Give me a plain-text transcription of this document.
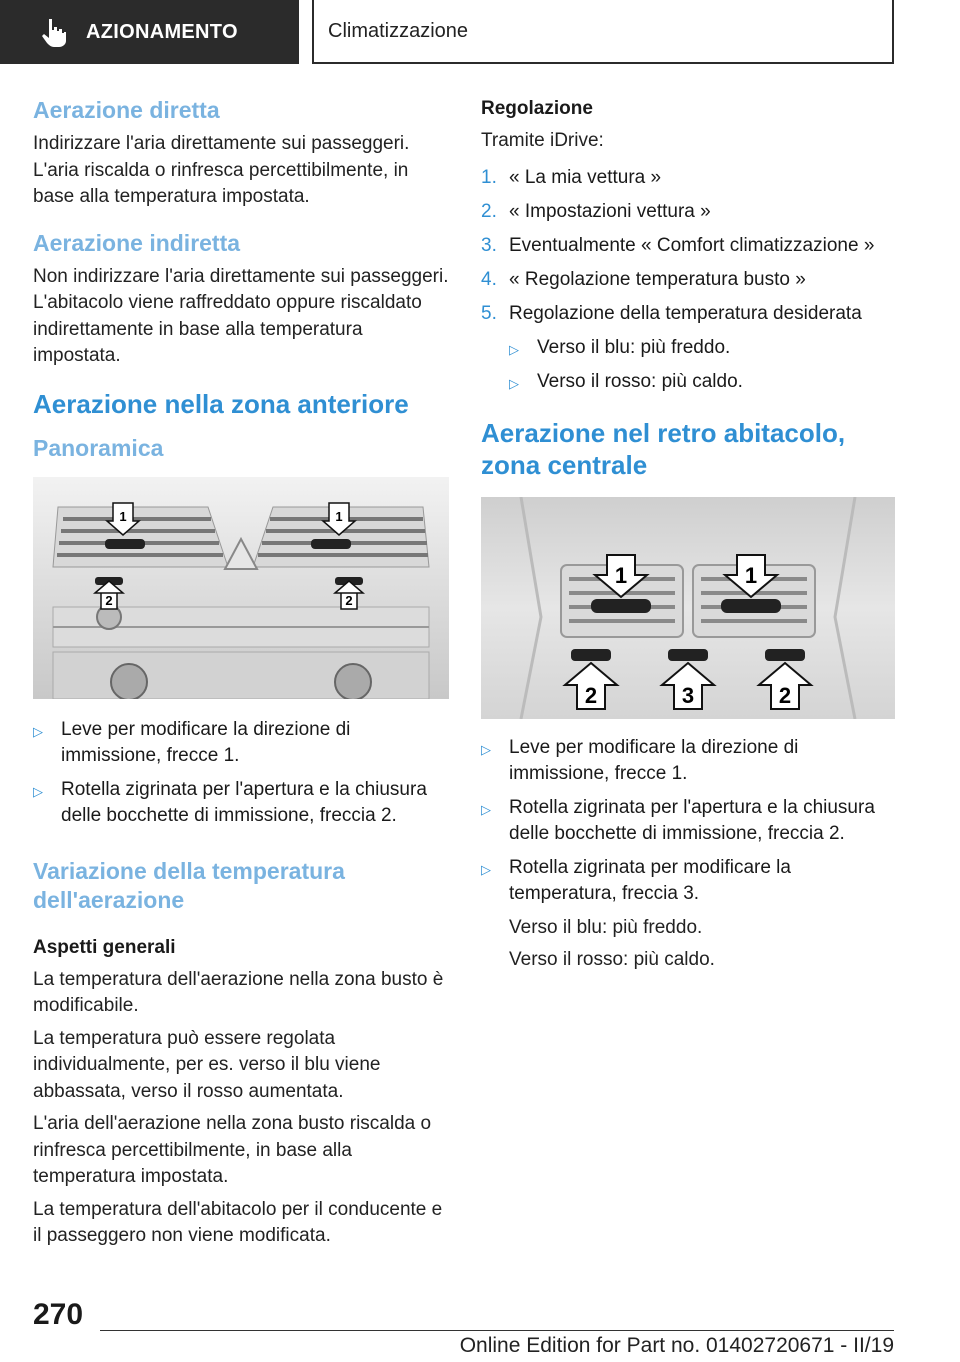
AZIONAMENTO	Climatizzazione
Aerazione diretta

Indirizzare l'aria direttamente sui passeggeri. L'aria riscalda o rinfresca percettibilmente, in base alla temperatura impostata.

Aerazione indiretta

Non indirizzare l'aria direttamente sui passeggeri. L'abitacolo viene raffreddato oppure riscaldato indirettamente in base alla temperatura impostata.

Aerazione nella zona anteriore
Panoramica
1	1
2	2
▷ Leve per modificare la direzione di immissione, frecce 1.
▷ Rotella zigrinata per l'apertura e la chiusura delle bocchette di immissione, freccia 2.
Variazione della temperatura dell'aerazione
Aspetti generali

La temperatura dell'aerazione nella zona busto è modificabile.

La temperatura può essere regolata individualmente, per es. verso il blu viene abbassata, verso il rosso aumentata.

L'aria dell'aerazione nella zona busto riscalda o rinfresca percettibilmente, in base alla temperatura impostata.

La temperatura dell'abitacolo per il conducente e il passeggero non viene modificata.

Regolazione

Tramite iDrive:

1. « La mia vettura »
2. « Impostazioni vettura »
3. Eventualmente « Comfort climatizzazione »
4. « Regolazione temperatura busto »
5. Regolazione della temperatura desiderata
▷ Verso il blu: più freddo.
▷ Verso il rosso: più caldo.
Aerazione nel retro abitacolo, zona centrale
1	1
2	3	2
▷ Leve per modificare la direzione di immissione, frecce 1.
▷ Rotella zigrinata per l'apertura e la chiusura delle bocchette di immissione, freccia 2.
▷ Rotella zigrinata per modificare la temperatura, freccia 3.

Verso il blu: più freddo.

Verso il rosso: più caldo.

270
Online Edition for Part no. 01402720671 - II/19
